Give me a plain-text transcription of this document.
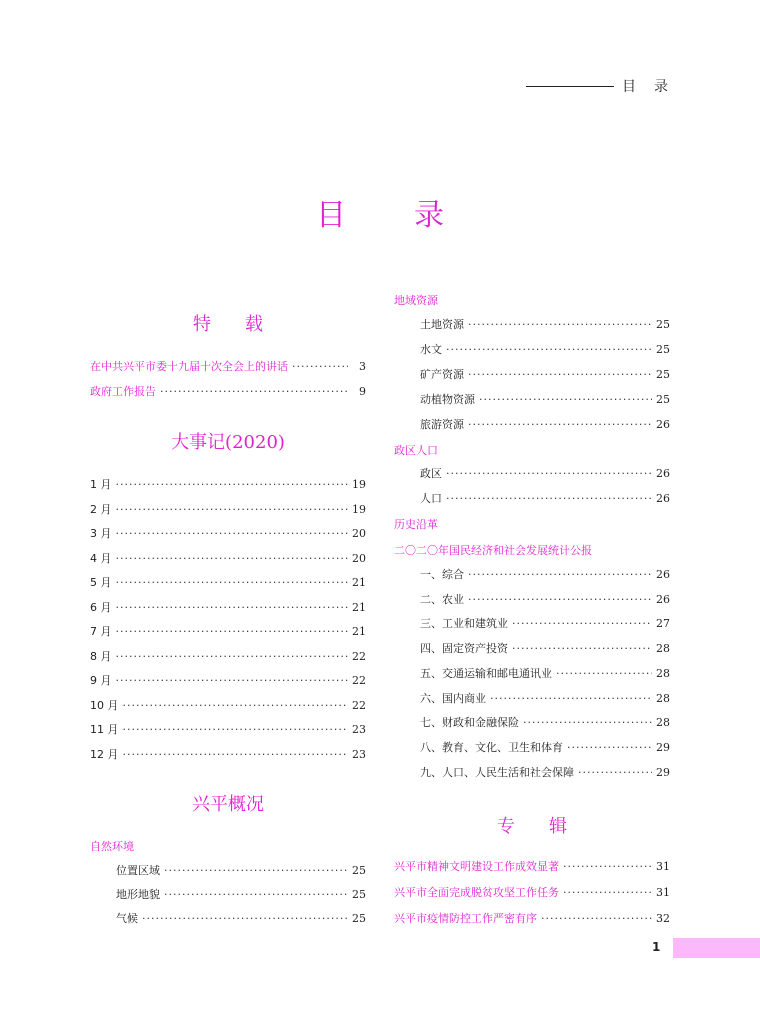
目录
目录
特载
在中共兴平市委十九届十次全会上的讲话 ·····	3
政府工作报告 ·····	9
大事记(2020)
1 月 ·····	19
2 月 ·····	19
3 月 ·····	20
4 月 ·····	20
5 月 ·····	21
6 月 ·····	21
7 月 ·····	21
8 月 ·····	22
9 月 ·····	22
10 月 ·····	22
11 月 ·····	23
12 月 ·····	23
兴平概况
自然环境
位置区域 ·····	25
地形地貌 ·····	25
气候 ·····	25
地域资源
土地资源 ·····	25
水文 ·····	25
矿产资源 ·····	25
动植物资源 ·····	25
旅游资源 ·····	26
政区人口
政区 ·····	26
人口 ·····	26
历史沿革
二〇二〇年国民经济和社会发展统计公报
一、综合 ·····	26
二、农业 ·····	26
三、工业和建筑业 ·····	27
四、固定资产投资 ·····	28
五、交通运输和邮电通讯业 ·····	28
六、国内商业 ·····	28
七、财政和金融保险 ·····	28
八、教育、文化、卫生和体育 ·····	29
九、人口、人民生活和社会保障 ·····	29
专辑
兴平市精神文明建设工作成效显著 ·····	31
兴平市全面完成脱贫攻坚工作任务 ·····	31
兴平市疫情防控工作严密有序 ·····	32
1
